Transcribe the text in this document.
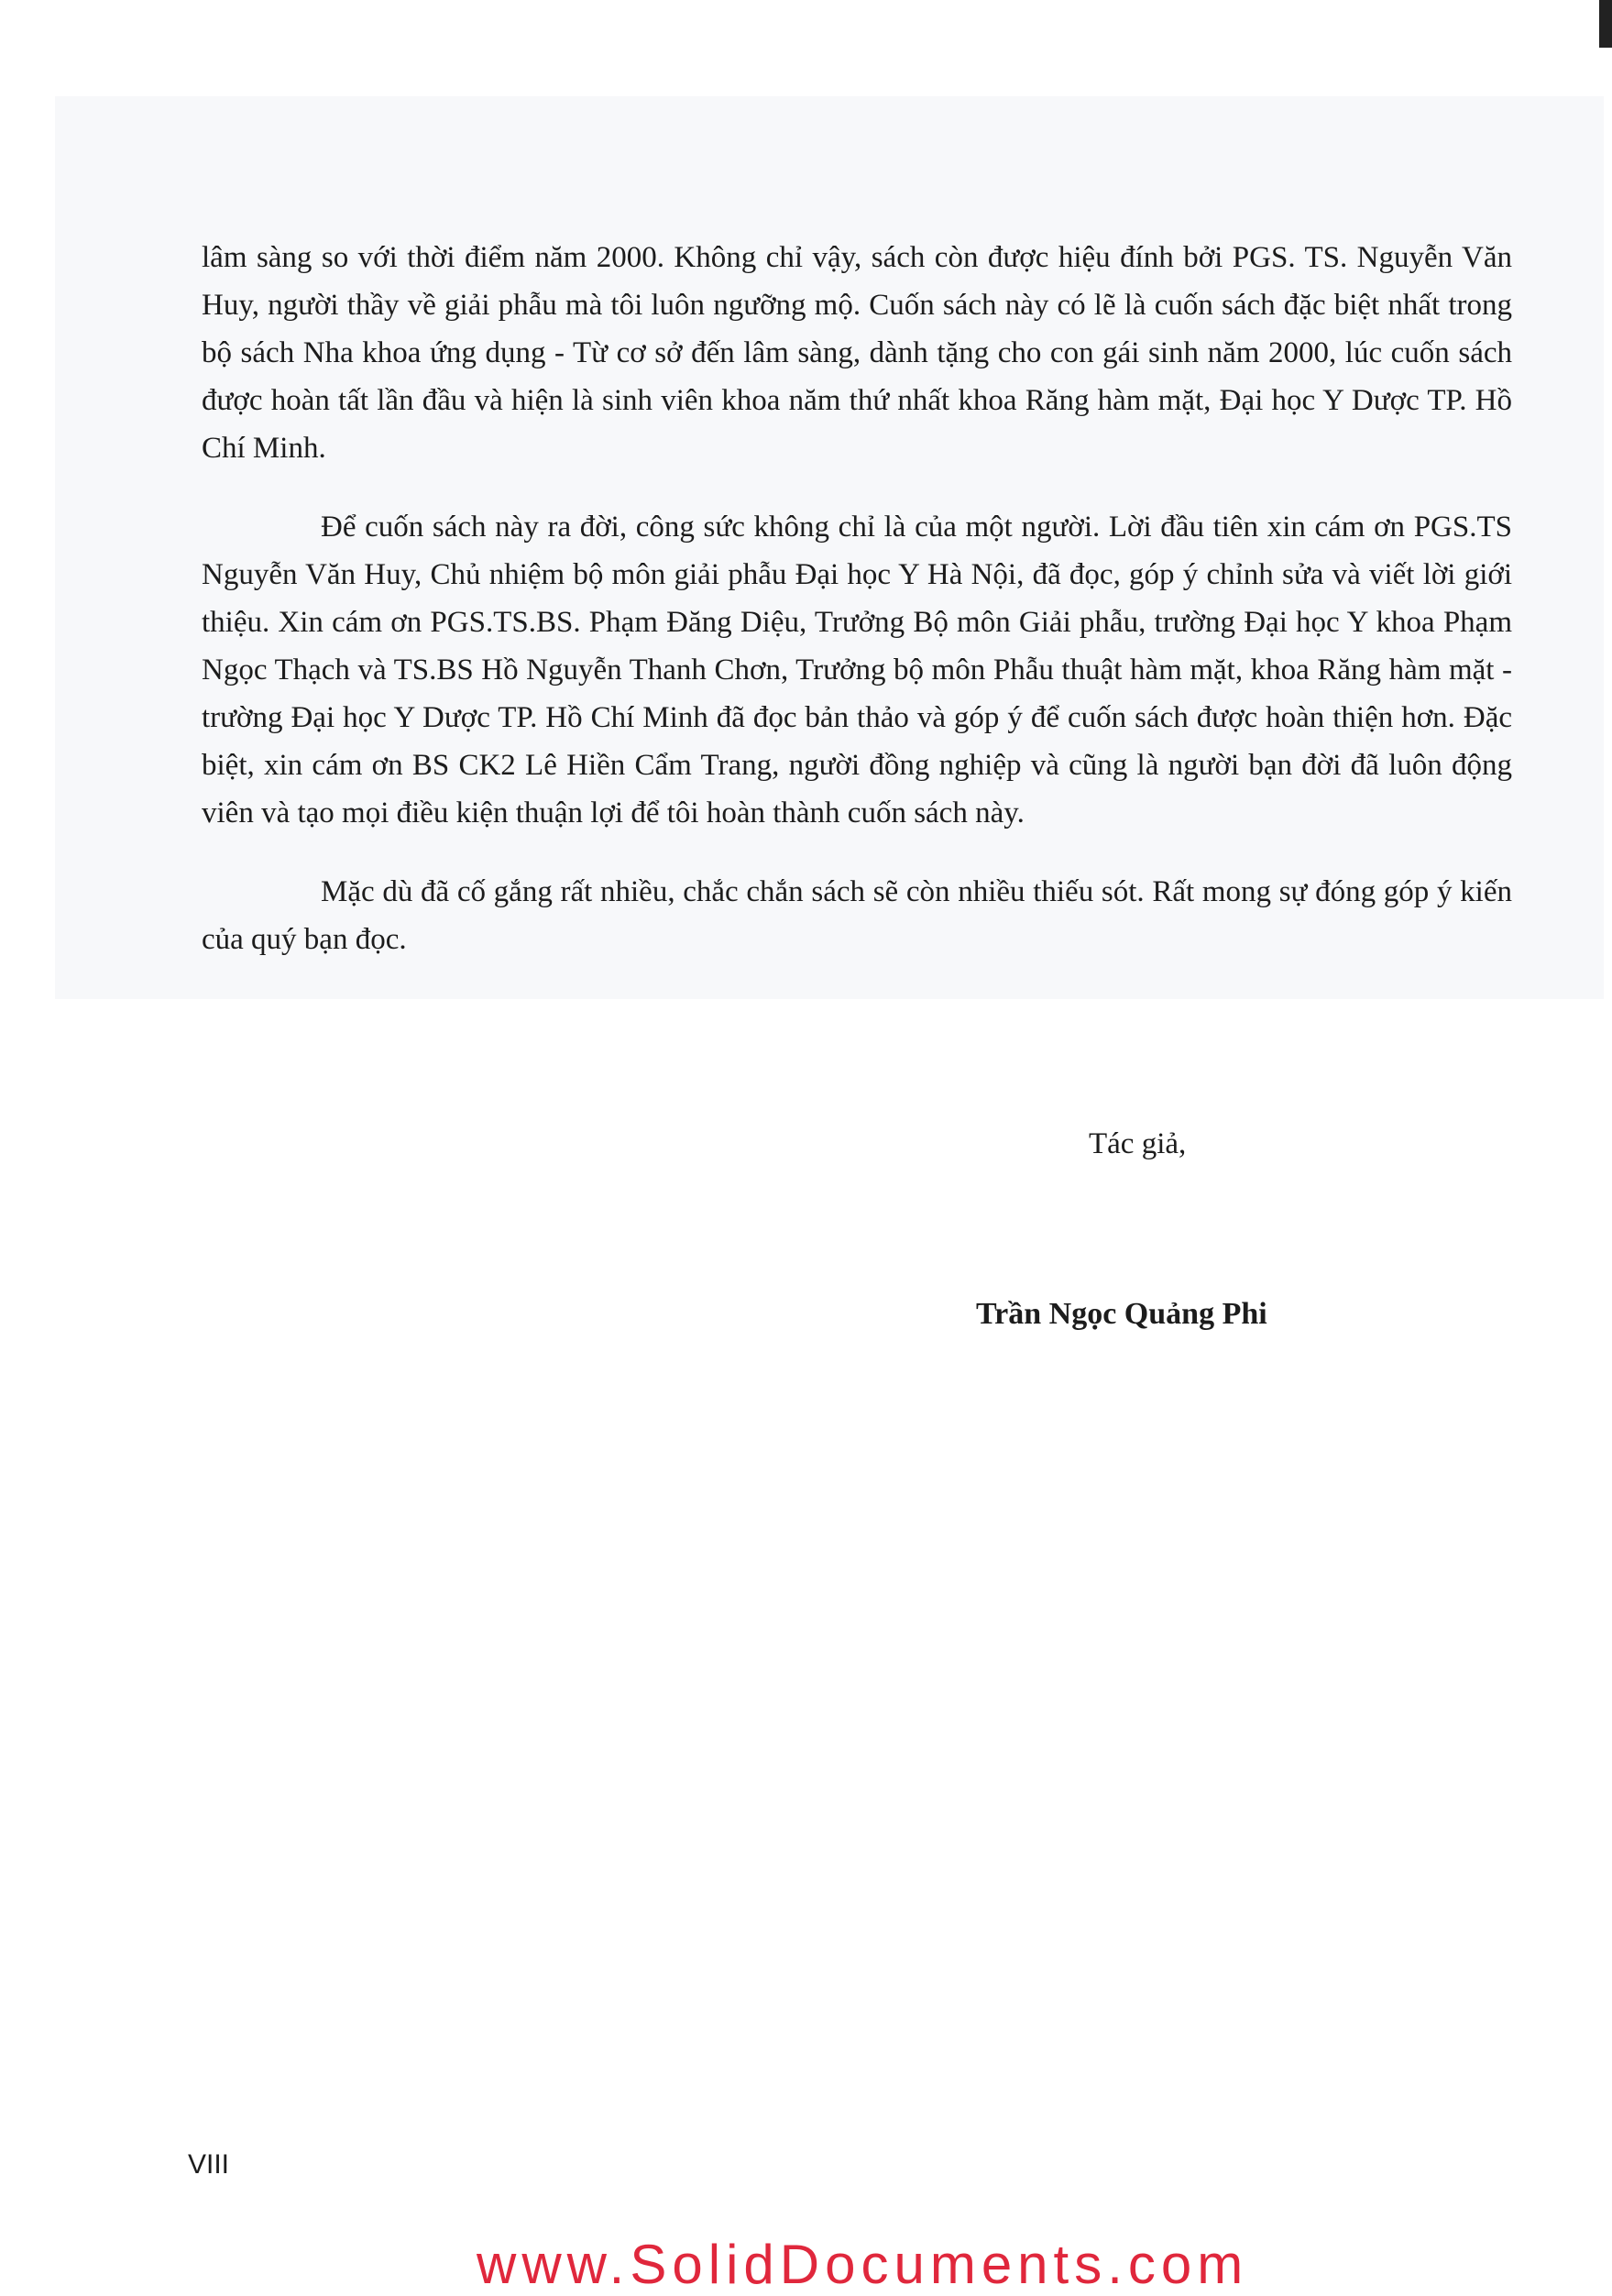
lâm sàng so với thời điểm năm 2000. Không chỉ vậy, sách còn được hiệu đính bởi PGS. TS. Nguyễn Văn Huy, người thầy về giải phẫu mà tôi luôn ngưỡng mộ. Cuốn sách này có lẽ là cuốn sách đặc biệt nhất trong bộ sách Nha khoa ứng dụng - Từ cơ sở đến lâm sàng, dành tặng cho con gái sinh năm 2000, lúc cuốn sách được hoàn tất lần đầu và hiện là sinh viên khoa năm thứ nhất khoa Răng hàm mặt, Đại học Y Dược TP. Hồ Chí Minh.

Để cuốn sách này ra đời, công sức không chỉ là của một người. Lời đầu tiên xin cám ơn PGS.TS Nguyễn Văn Huy, Chủ nhiệm bộ môn giải phẫu Đại học Y Hà Nội, đã đọc, góp ý chỉnh sửa và viết lời giới thiệu. Xin cám ơn PGS.TS.BS. Phạm Đăng Diệu, Trưởng Bộ môn Giải phẫu, trường Đại học Y khoa Phạm Ngọc Thạch và TS.BS Hồ Nguyễn Thanh Chơn, Trưởng bộ môn Phẫu thuật hàm mặt, khoa Răng hàm mặt - trường Đại học Y Dược TP. Hồ Chí Minh đã đọc bản thảo và góp ý để cuốn sách được hoàn thiện hơn. Đặc biệt, xin cám ơn BS CK2 Lê Hiền Cẩm Trang, người đồng nghiệp và cũng là người bạn đời đã luôn động viên và tạo mọi điều kiện thuận lợi để tôi hoàn thành cuốn sách này.

Mặc dù đã cố gắng rất nhiều, chắc chắn sách sẽ còn nhiều thiếu sót. Rất mong sự đóng góp ý kiến của quý bạn đọc.

Tác giả,
Trần Ngọc Quảng Phi
VIII
www.SolidDocuments.com
